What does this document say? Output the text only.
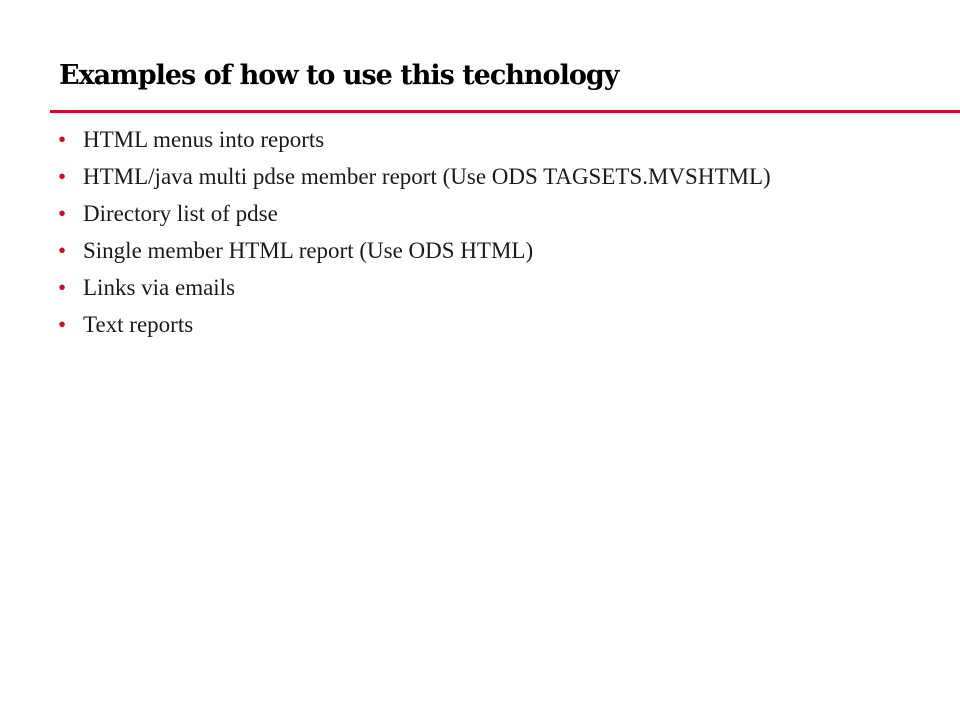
Examples of how to use this technology
• HTML menus into reports
• HTML/java multi pdse member report (Use ODS TAGSETS.MVSHTML)
• Directory list of pdse
• Single member HTML report (Use ODS HTML)
• Links via emails
• Text reports
